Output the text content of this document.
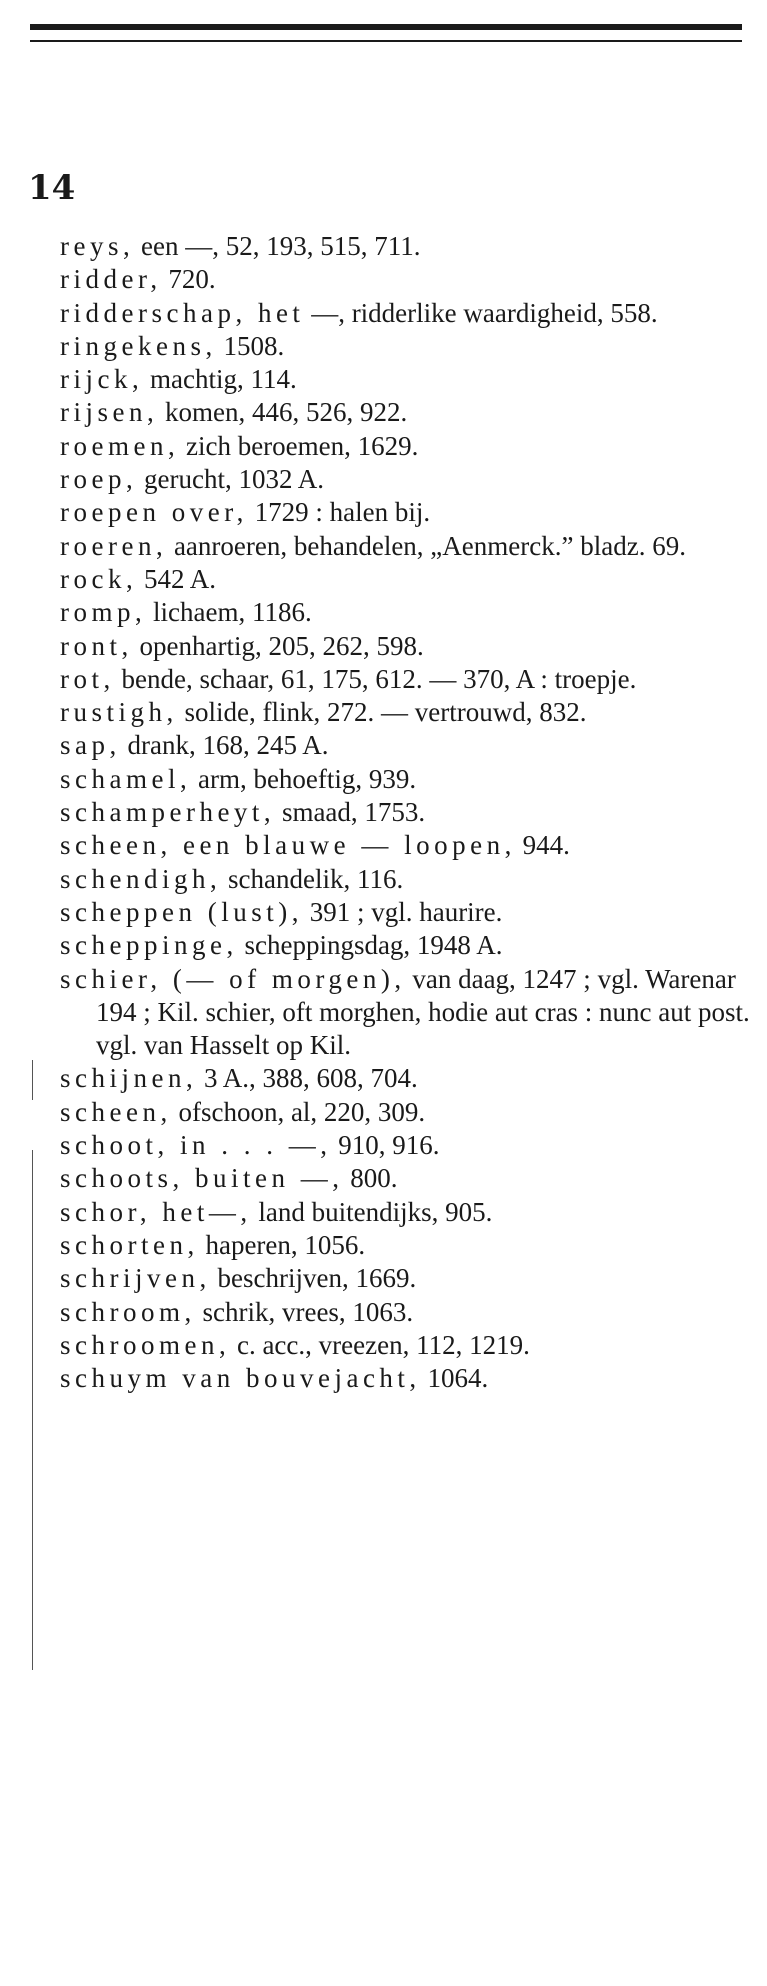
14

reys, een —, 52, 193, 515, 711.

ridder, 720.

ridderschap, het —, ridderlike waardigheid, 558.

ringekens, 1508.

rijck, machtig, 114.

rijsen, komen, 446, 526, 922.

roemen, zich beroemen, 1629.

roep, gerucht, 1032 A.

roepen over, 1729 : halen bij.

roeren, aanroeren, behandelen, „Aenmerck.” bladz. 69.

rock, 542 A.

romp, lichaem, 1186.

ront, openhartig, 205, 262, 598.

rot, bende, schaar, 61, 175, 612. — 370, A : troepje.

rustigh, solide, flink, 272. — vertrouwd, 832.

sap, drank, 168, 245 A.

schamel, arm, behoeftig, 939.

schamperheyt, smaad, 1753.

scheen, een blauwe — loopen, 944.

schendigh, schandelik, 116.

scheppen (lust), 391 ; vgl. haurire.

scheppinge, scheppingsdag, 1948 A.

schier, (— of morgen), van daag, 1247 ; vgl. Warenar 194 ; Kil. schier, oft morghen, hodie aut cras : nunc aut post. vgl. van Hasselt op Kil.

schijnen, 3 A., 388, 608, 704.

scheen, ofschoon, al, 220, 309.

schoot, in . . . —, 910, 916.

schoots, buiten —, 800.

schor, het—, land buitendijks, 905.

schorten, haperen, 1056.

schrijven, beschrijven, 1669.

schroom, schrik, vrees, 1063.

schroomen, c. acc., vreezen, 112, 1219.

schuym van bouvejacht, 1064.
